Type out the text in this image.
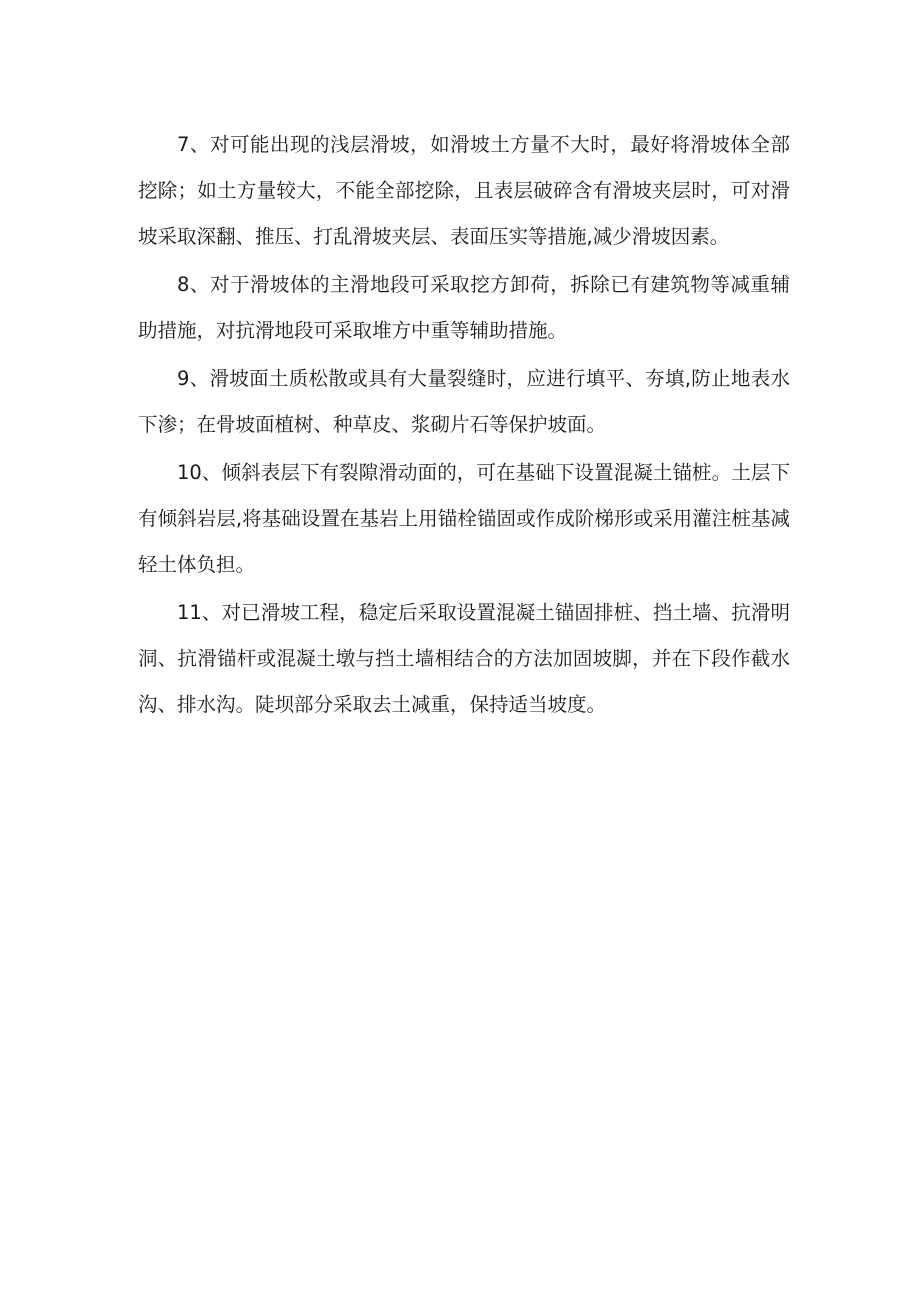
7、对可能出现的浅层滑坡，如滑坡土方量不大时，最好将滑坡体全部挖除；如土方量较大，不能全部挖除，且表层破碎含有滑坡夹层时，可对滑坡采取深翻、推压、打乱滑坡夹层、表面压实等措施,减少滑坡因素。

8、对于滑坡体的主滑地段可采取挖方卸荷，拆除已有建筑物等减重辅助措施，对抗滑地段可采取堆方中重等辅助措施。

9、滑坡面土质松散或具有大量裂缝时，应进行填平、夯填,防止地表水下渗；在骨坡面植树、种草皮、浆砌片石等保护坡面。

10、倾斜表层下有裂隙滑动面的，可在基础下设置混凝土锚桩。土层下有倾斜岩层,将基础设置在基岩上用锚栓锚固或作成阶梯形或采用灌注桩基减轻土体负担。

11、对已滑坡工程，稳定后采取设置混凝土锚固排桩、挡土墙、抗滑明洞、抗滑锚杆或混凝土墩与挡土墙相结合的方法加固坡脚，并在下段作截水沟、排水沟。陡坝部分采取去土减重，保持适当坡度。
